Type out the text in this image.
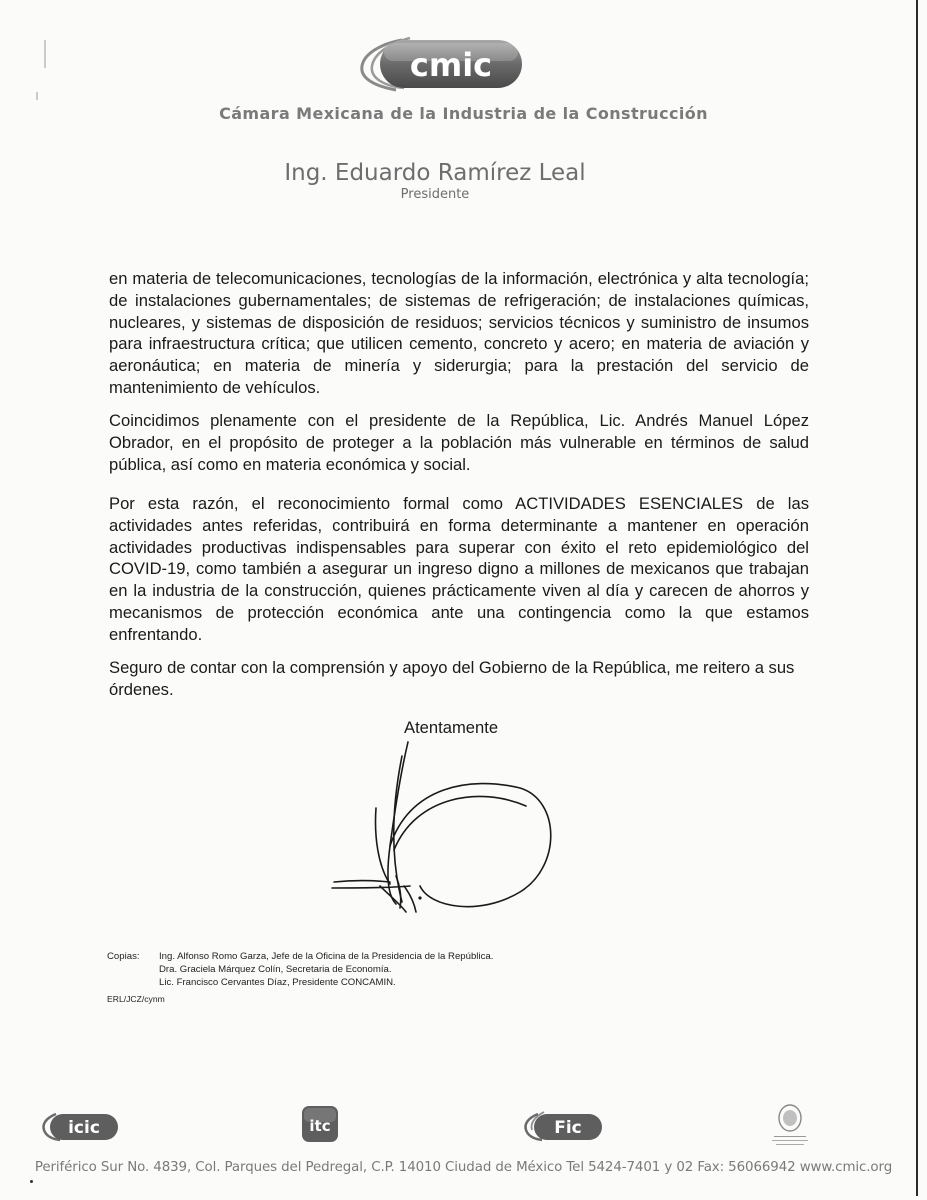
cmic
Cámara Mexicana de la Industria de la Construcción
Ing. Eduardo Ramírez Leal
Presidente

en materia de telecomunicaciones, tecnologías de la información, electrónica y alta tecnología; de instalaciones gubernamentales; de sistemas de refrigeración; de instalaciones químicas, nucleares, y sistemas de disposición de residuos; servicios técnicos y suministro de insumos para infraestructura crítica; que utilicen cemento, concreto y acero; en materia de aviación y aeronáutica; en materia de minería y siderurgia; para la prestación del servicio de mantenimiento de vehículos.

Coincidimos plenamente con el presidente de la República, Lic. Andrés Manuel López Obrador, en el propósito de proteger a la población más vulnerable en términos de salud pública, así como en materia económica y social.

Por esta razón, el reconocimiento formal como ACTIVIDADES ESENCIALES de las actividades antes referidas, contribuirá en forma determinante a mantener en operación actividades productivas indispensables para superar con éxito el reto epidemiológico del COVID-19, como también a asegurar un ingreso digno a millones de mexicanos que trabajan en la industria de la construcción, quienes prácticamente viven al día y carecen de ahorros y mecanismos de protección económica ante una contingencia como la que estamos enfrentando.

Seguro de contar con la comprensión y apoyo del Gobierno de la República, me reitero a sus órdenes.

Atentamente
Copias:	Ing. Alfonso Romo Garza, Jefe de la Oficina de la Presidencia de la República.
Dra. Graciela Márquez Colín, Secretaria de Economía.
Lic. Francisco Cervantes Díaz, Presidente CONCAMIN.
ERL/JCZ/cynm
icic	itc	Fic
Periférico Sur No. 4839, Col. Parques del Pedregal, C.P. 14010 Ciudad de México Tel 5424-7401 y 02 Fax: 56066942 www.cmic.org
